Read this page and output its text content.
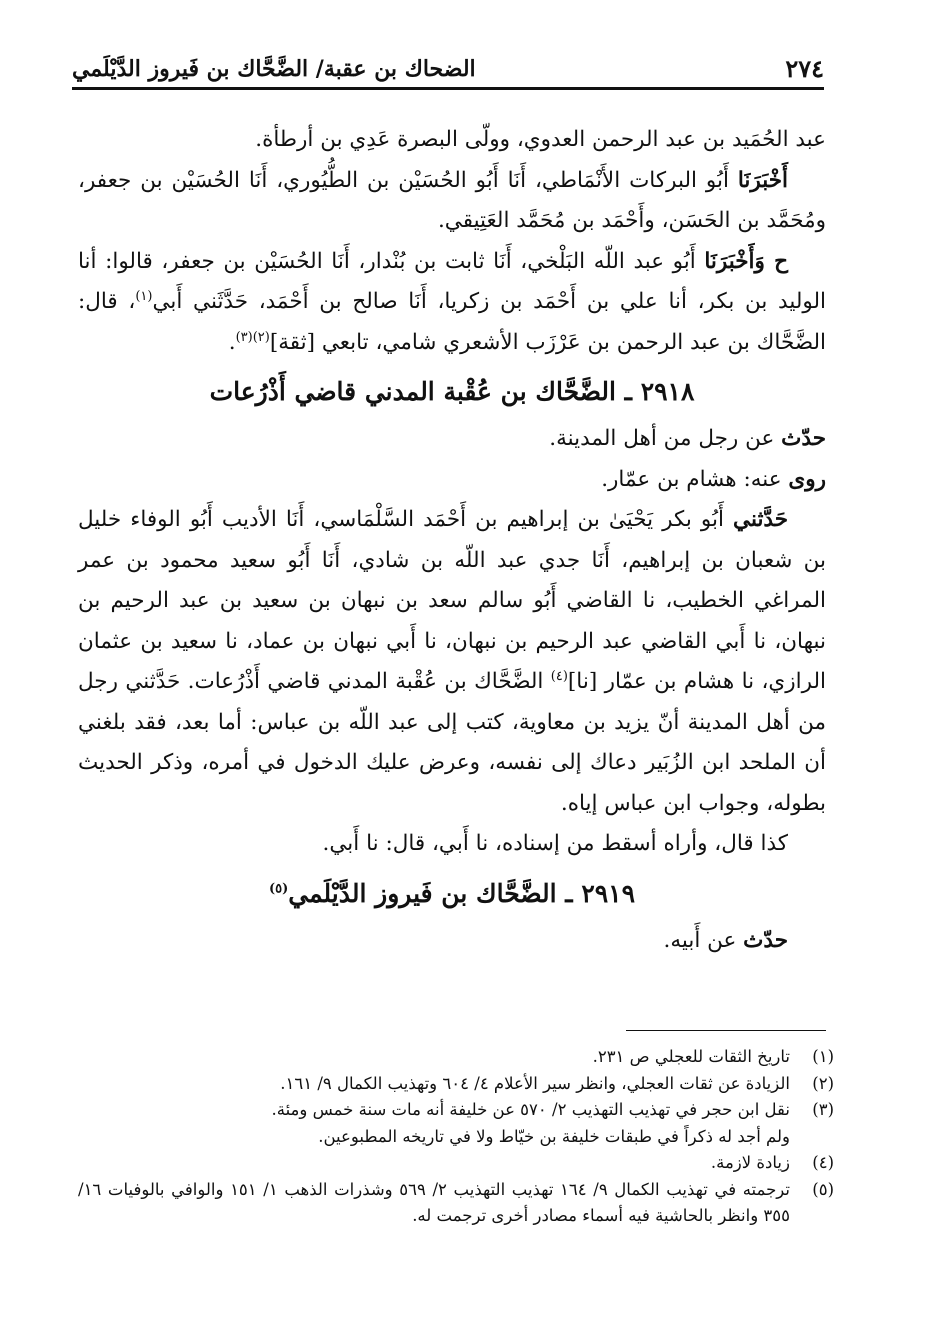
٢٧٤
الضحاك بن عقبة/ الضَّحَّاك بن فَيروز الدَّيْلَمي

عبد الحُمَيد بن عبد الرحمن العدوي، وولّى البصرة عَدِي بن أرطأة.

أَخْبَرَنَا أَبُو البركات الأَنْمَاطي، أَنَا أَبُو الحُسَيْن بن الطُّيُوري، أَنَا الحُسَيْن بن جعفر، ومُحَمَّد بن الحَسَن، وأَحْمَد بن مُحَمَّد العَتِيقي.

ح وَأَخْبَرَنَا أَبُو عبد اللّه البَلْخي، أَنَا ثابت بن بُنْدار، أَنَا الحُسَيْن بن جعفر، قالوا: أنا الوليد بن بكر، أنا علي بن أَحْمَد بن زكريا، أَنَا صالح بن أَحْمَد، حَدَّثَني أَبي$^{(١)}$، قال: الضَّحَّاك بن عبد الرحمن بن عَرْزَب الأشعري شامي، تابعي [ثقة]$^{(٢)(٣)}$.

٢٩١٨ ـ الضَّحَّاك بن عُقْبة المدني قاضي أَذْرُعات

حدّث عن رجل من أهل المدينة.

روى عنه: هشام بن عمّار.

حَدَّثني أَبُو بكر يَحْيَىٰ بن إبراهيم بن أَحْمَد السَّلْمَاسي، أَنَا الأديب أَبُو الوفاء خليل بن شعبان بن إبراهيم، أَنَا جدي عبد اللّه بن شادي، أَنَا أَبُو سعيد محمود بن عمر المراغي الخطيب، نا القاضي أَبُو سالم سعد بن نبهان بن سعيد بن عبد الرحيم بن نبهان، نا أَبي القاضي عبد الرحيم بن نبهان، نا أَبي نبهان بن عماد، نا سعيد بن عثمان الرازي، نا هشام بن عمّار [نا]$^{(٤)}$ الضَّحَّاك بن عُقْبة المدني قاضي أَذْرُعات. حَدَّثني رجل من أهل المدينة أنّ يزيد بن معاوية، كتب إلى عبد اللّه بن عباس: أما بعد، فقد بلغني أن الملحد ابن الزُبَير دعاك إلى نفسه، وعرض عليك الدخول في أمره، وذكر الحديث بطوله، وجواب ابن عباس إياه.

كذا قال، وأراه أسقط من إسناده، نا أَبي، قال: نا أَبي.

٢٩١٩ ـ الضَّحَّاك بن فَيروز الدَّيْلَمي$^{(٥)}$

حدّث عن أَبيه.

(١)
تاريخ الثقات للعجلي ص ٢٣١.
(٢)
الزيادة عن ثقات العجلي، وانظر سير الأعلام ٤/ ٦٠٤ وتهذيب الكمال ٩/ ١٦١.
(٣)
نقل ابن حجر في تهذيب التهذيب ٢/ ٥٧٠ عن خليفة أنه مات سنة خمس ومئة.
ولم أجد له ذكراً في طبقات خليفة بن خيّاط ولا في تاريخه المطبوعين.
(٤)
زيادة لازمة.
(٥)
ترجمته في تهذيب الكمال ٩/ ١٦٤ تهذيب التهذيب ٢/ ٥٦٩ وشذرات الذهب ١/ ١٥١ والوافي بالوفيات ١٦/ ٣٥٥ وانظر بالحاشية فيه أسماء مصادر أخرى ترجمت له.
